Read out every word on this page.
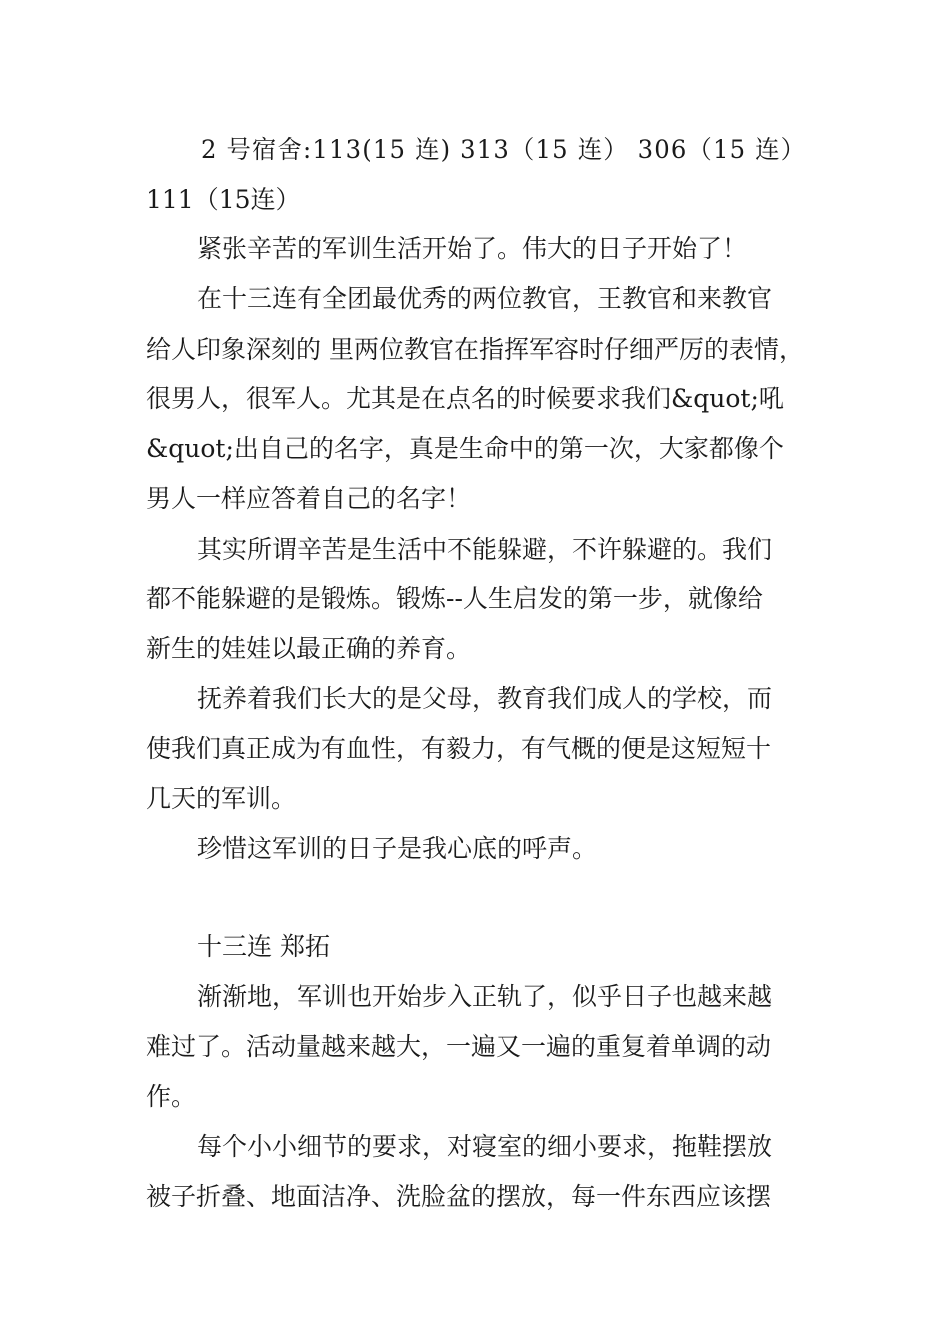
2 号宿舍:113(15 连) 313（15 连） 306（15 连）
111（15连）
紧张辛苦的军训生活开始了。伟大的日子开始了！
在十三连有全团最优秀的两位教官，王教官和来教官
给人印象深刻的 里两位教官在指挥军容时仔细严厉的表情，
很男人，很军人。尤其是在点名的时候要求我们&quot;吼
&quot;出自己的名字，真是生命中的第一次，大家都像个
男人一样应答着自己的名字！
其实所谓辛苦是生活中不能躲避，不许躲避的。我们
都不能躲避的是锻炼。锻炼--人生启发的第一步，就像给
新生的娃娃以最正确的养育。
抚养着我们长大的是父母，教育我们成人的学校，而
使我们真正成为有血性，有毅力，有气概的便是这短短十
几天的军训。
珍惜这军训的日子是我心底的呼声。
十三连 郑拓
渐渐地，军训也开始步入正轨了，似乎日子也越来越
难过了。活动量越来越大，一遍又一遍的重复着单调的动
作。
每个小小细节的要求，对寝室的细小要求，拖鞋摆放
被子折叠、地面洁净、洗脸盆的摆放，每一件东西应该摆
